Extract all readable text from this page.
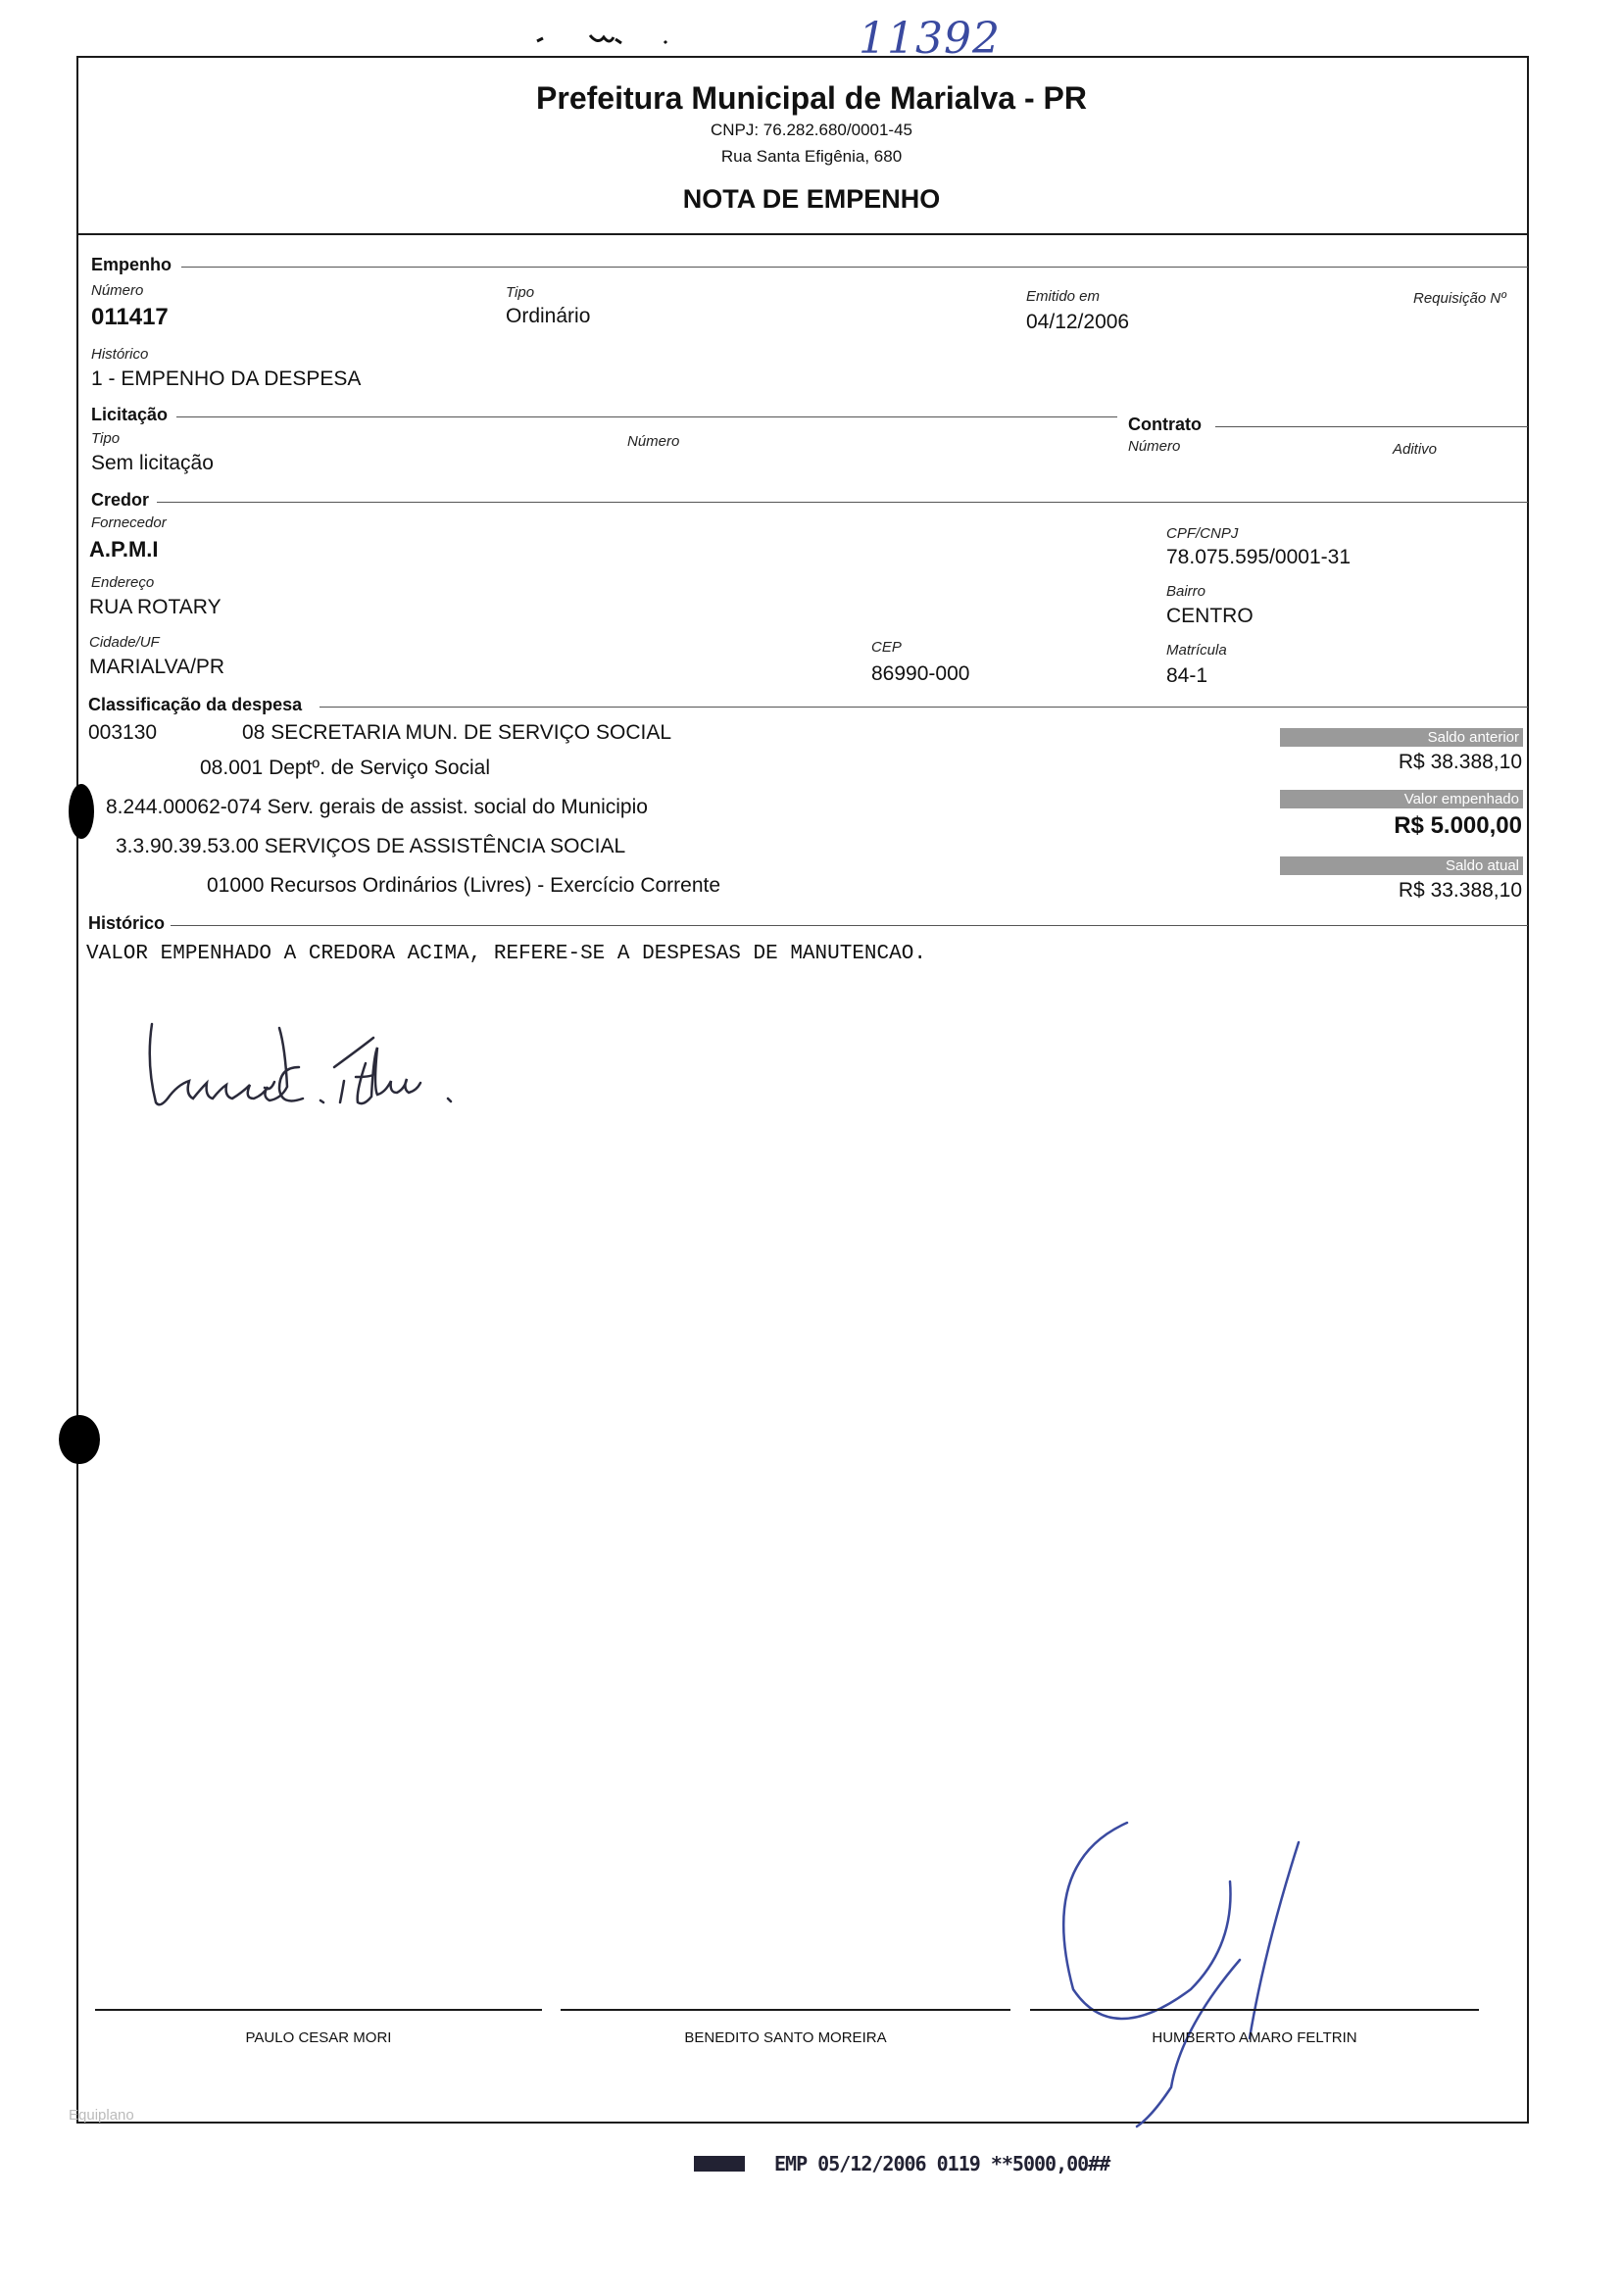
11392
Prefeitura Municipal de Marialva - PR
CNPJ: 76.282.680/0001-45
Rua Santa Efigênia, 680
NOTA DE EMPENHO
Empenho
Número
011417
Tipo
Ordinário
Emitido em
04/12/2006
Requisição Nº
Histórico
1 - EMPENHO DA DESPESA
Licitação	Contrato
Tipo
Sem licitação
Número	Número	Aditivo
Credor
Fornecedor
A.P.M.I
CPF/CNPJ
78.075.595/0001-31
Endereço
RUA ROTARY
Bairro
CENTRO
Cidade/UF
MARIALVA/PR
CEP
86990-000
Matrícula
84-1
Classificação da despesa
003130	08 SECRETARIA MUN. DE SERVIÇO SOCIAL
08.001 Deptº. de Serviço Social
8.244.00062-074 Serv. gerais de assist. social do Municipio
3.3.90.39.53.00 SERVIÇOS DE ASSISTÊNCIA SOCIAL
01000 Recursos Ordinários (Livres) - Exercício Corrente
Saldo anterior
R$ 38.388,10
Valor empenhado
R$ 5.000,00
Saldo atual
R$ 33.388,10
Histórico
VALOR EMPENHADO A CREDORA ACIMA, REFERE-SE A DESPESAS DE MANUTENCAO.
PAULO CESAR MORI	BENEDITO SANTO MOREIRA	HUMBERTO AMARO FELTRIN
Equiplano
EMP 05/12/2006 0119 **5000,00##
